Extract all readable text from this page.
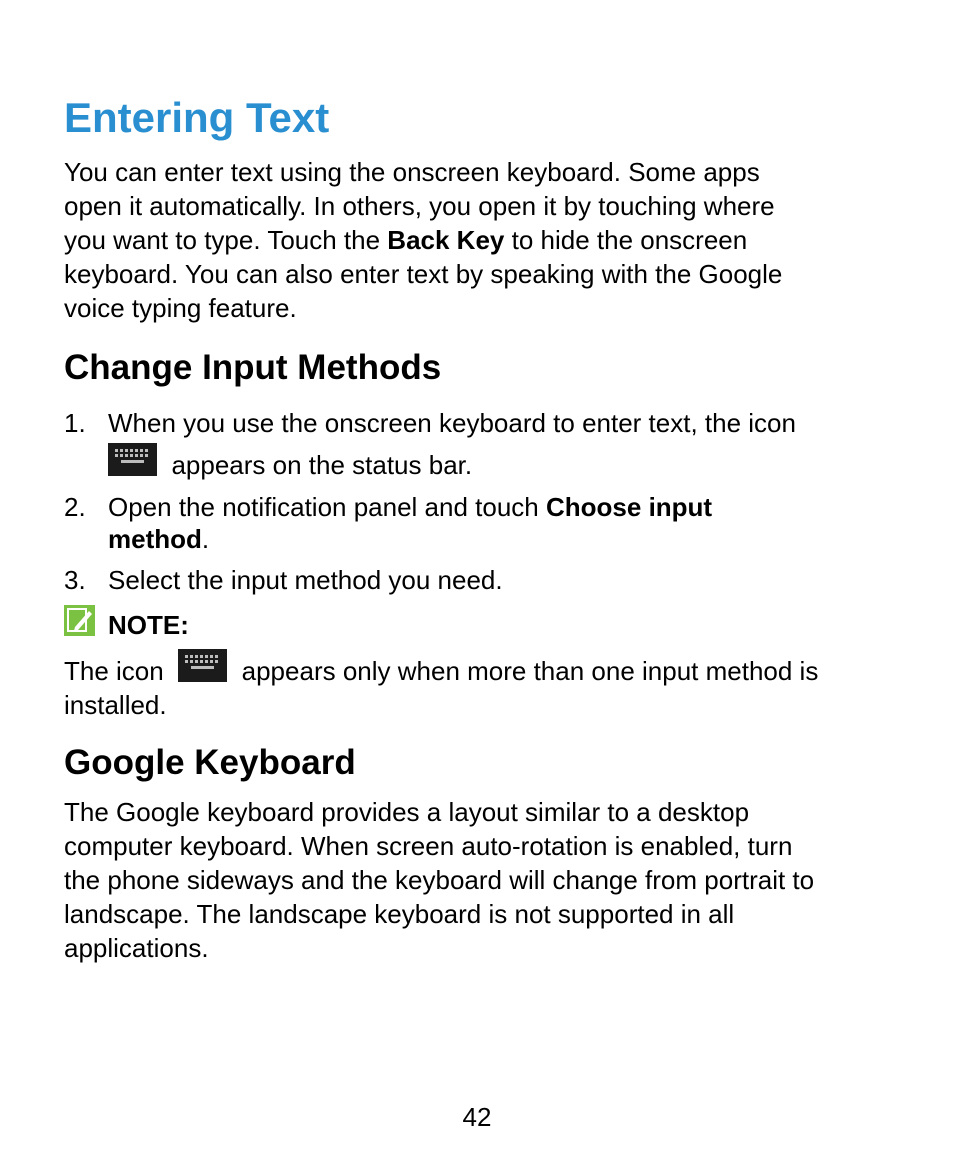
Entering Text

You can enter text using the onscreen keyboard. Some apps
open it automatically. In others, you open it by touching where
you want to type. Touch the Back Key to hide the onscreen
keyboard. You can also enter text by speaking with the Google
voice typing feature.

Change Input Methods
1. When you use the onscreen keyboard to enter text, the icon
appears on the status bar.
2. Open the notification panel and touch Choose input
method.
3. Select the input method you need.
NOTE:

The icon	appears only when more than one input method is
installed.

Google Keyboard

The Google keyboard provides a layout similar to a desktop
computer keyboard. When screen auto-rotation is enabled, turn
the phone sideways and the keyboard will change from portrait to
landscape. The landscape keyboard is not supported in all
applications.

42
